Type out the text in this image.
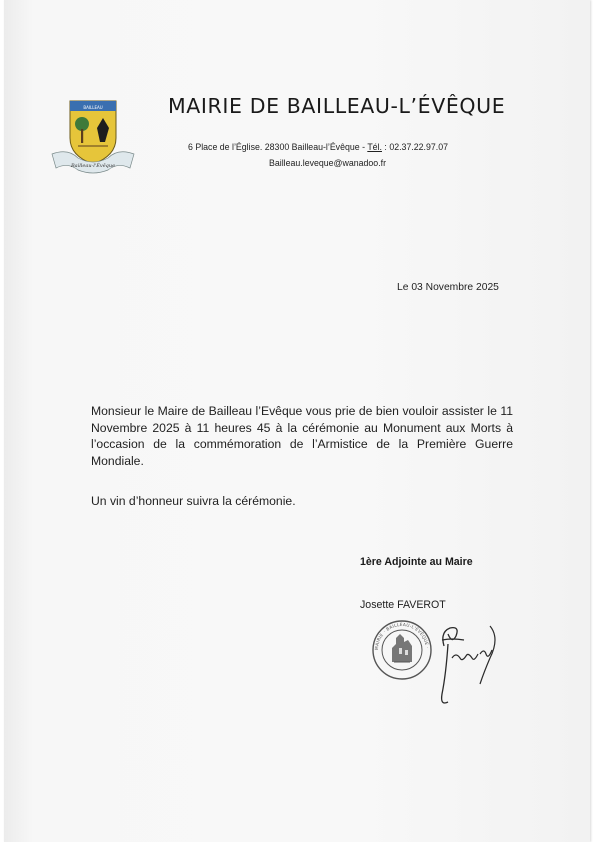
BAILLEAU
Bailleau-l'Évêque
MAIRIE DE BAILLEAU-L’ÉVÊQUE
6 Place de l’Église. 28300 Bailleau-l’Évêque - Tél. : 02.37.22.97.07
Bailleau.leveque@wanadoo.fr
Le 03 Novembre 2025
Monsieur le Maire de Bailleau l’Evêque vous prie de bien vouloir assister le 11 Novembre 2025 à 11 heures 45 à la cérémonie au Monument aux Morts à l’occasion de la commémoration de l’Armistice de la Première Guerre Mondiale.
Un vin d’honneur suivra la cérémonie.
1ère Adjointe au Maire
Josette FAVEROT
MAIRIE · BAILLEAU-L'ÉVÊQUE ·
